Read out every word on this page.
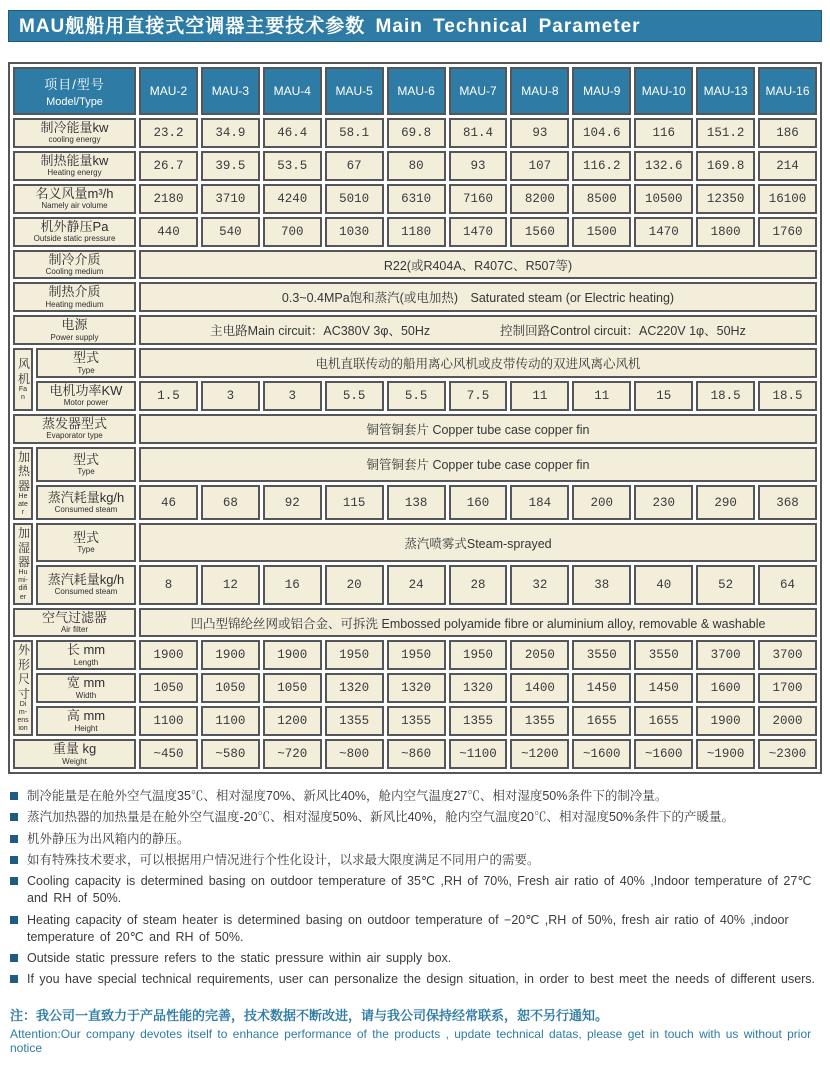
MAU舰船用直接式空调器主要技术参数 Main Technical Parameter
项目/型号
Model/Type		MAU-2	MAU-3	MAU-4	MAU-5	MAU-6	MAU-7	MAU-8	MAU-9	MAU-10	MAU-13	MAU-16

制冷能量kw
cooling energy		23.2	34.9	46.4	58.1	69.8	81.4	93	104.6	116	151.2	186

制热能量kw
Heating energy		26.7	39.5	53.5	67	80	93	107	116.2	132.6	169.8	214

名义风量m³/h
Namely air volume		2180	3710	4240	5010	6310	7160	8200	8500	10500	12350	16100

机外静压Pa
Outside static pressure		440	540	700	1030	1180	1470	1560	1500	1470	1800	1760

制冷介质
Cooling medium		R22(或R404A、R407C、R507等)										

制热介质
Heating medium		0.3~0.4MPa饱和蒸汽(或电加热)　Saturated steam (or Electric heating)										

电源
Power supply	主电路Main circuit：AC380V 3φ、50Hz	控制回路Control circuit：AC220V 1φ、50Hz

风机
Fan

型式
Type	电机直联传动的船用离心风机或皮带传动的双进风离心风机

	电机功率KW
Motor power	1.5	3	3	5.5	5.5	7.5	11	11	15	18.5	18.5

蒸发器型式
Evaporator type		铜管铜套片 Copper tube case copper fin										

加热器
Heater

型式
Type	铜管铜套片 Copper tube case copper fin

	蒸汽耗量kg/h
Consumed steam	46	68	92	115	138	160	184	200	230	290	368

加湿器
Humi-difier

型式
Type	蒸汽喷雾式Steam-sprayed

	蒸汽耗量kg/h
Consumed steam	8	12	16	20	24	28	32	38	40	52	64

空气过滤器
Air filter		凹凸型锦纶丝网或铝合金、可拆洗 Embossed polyamide fibre or aluminium alloy, removable & washable										

外形尺寸
Dim-ension

长 mm
Length	1900	1900	1900	1950	1950	1950	2050	3550	3550	3700	3700

	宽 mm
Width	1050	1050	1050	1320	1320	1320	1400	1450	1450	1600	1700

	高 mm
Height	1100	1100	1200	1355	1355	1355	1355	1655	1655	1900	2000

重量 kg
Weight		~450	~580	~720	~800	~860	~1100	~1200	~1600	~1600	~1900	~2300
制冷能量是在舱外空气温度35℃、相对湿度70%、新风比40%，舱内空气温度27℃、相对湿度50%条件下的制冷量。
蒸汽加热器的加热量是在舱外空气温度-20℃、相对湿度50%、新风比40%，舱内空气温度20℃、相对湿度50%条件下的产暖量。
机外静压为出风箱内的静压。
如有特殊技术要求，可以根据用户情况进行个性化设计，以求最大限度满足不同用户的需要。
Cooling capacity is determined basing on outdoor temperature of 35℃ ,RH of 70%, Fresh air ratio of 40% ,Indoor temperature of 27℃ and RH of 50%.
Heating capacity of steam heater is determined basing on outdoor temperature of −20℃ ,RH of 50%, fresh air ratio of 40% ,indoor temperature of 20℃ and RH of 50%.
Outside static pressure refers to the static pressure within air supply box.
If you have special technical requirements, user can personalize the design situation, in order to best meet the needs of different users.
注：我公司一直致力于产品性能的完善，技术数据不断改进，请与我公司保持经常联系，恕不另行通知。
Attention:Our company devotes itself to enhance performance of the products , update technical datas, please get in touch with us without prior notice
